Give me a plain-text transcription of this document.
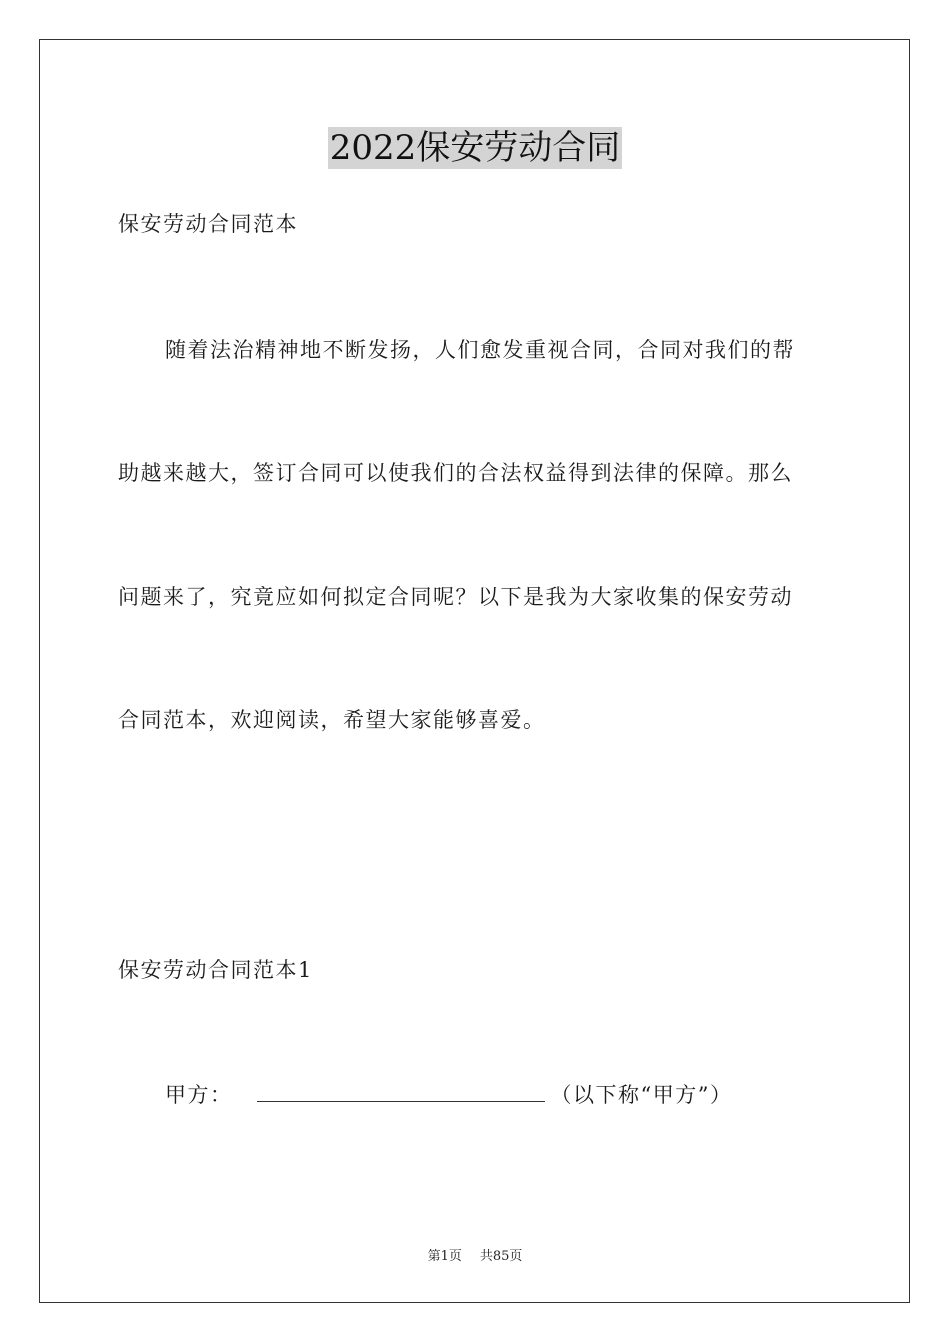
2022保安劳动合同
保安劳动合同范本
随着法治精神地不断发扬，人们愈发重视合同，合同对我们的帮
助越来越大，签订合同可以使我们的合法权益得到法律的保障。那么
问题来了，究竟应如何拟定合同呢？以下是我为大家收集的保安劳动
合同范本，欢迎阅读，希望大家能够喜爱。
保安劳动合同范本1
甲方：	（以下称“甲方”）
第1页 共85页
